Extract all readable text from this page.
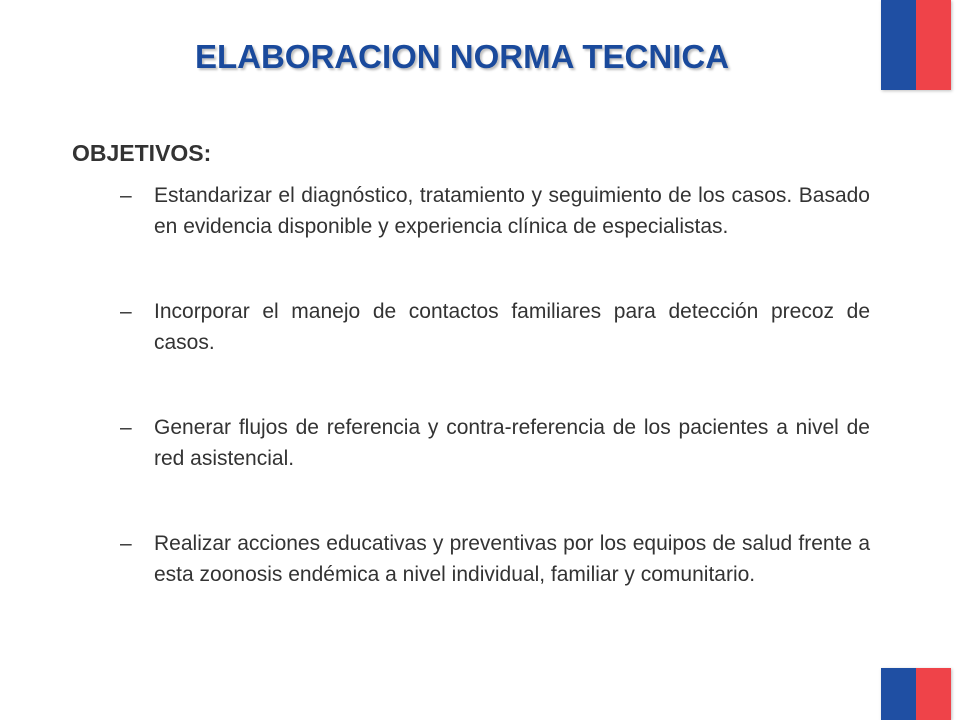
ELABORACION NORMA TECNICA
OBJETIVOS:
– Estandarizar el diagnóstico, tratamiento y seguimiento de los casos. Basado en evidencia disponible y experiencia clínica de especialistas.
– Incorporar el manejo de contactos familiares para detección precoz de casos.
– Generar flujos de referencia y contra-referencia de los pacientes a nivel de red asistencial.
– Realizar acciones educativas y preventivas por los equipos de salud frente a esta zoonosis endémica a nivel individual, familiar y comunitario.
